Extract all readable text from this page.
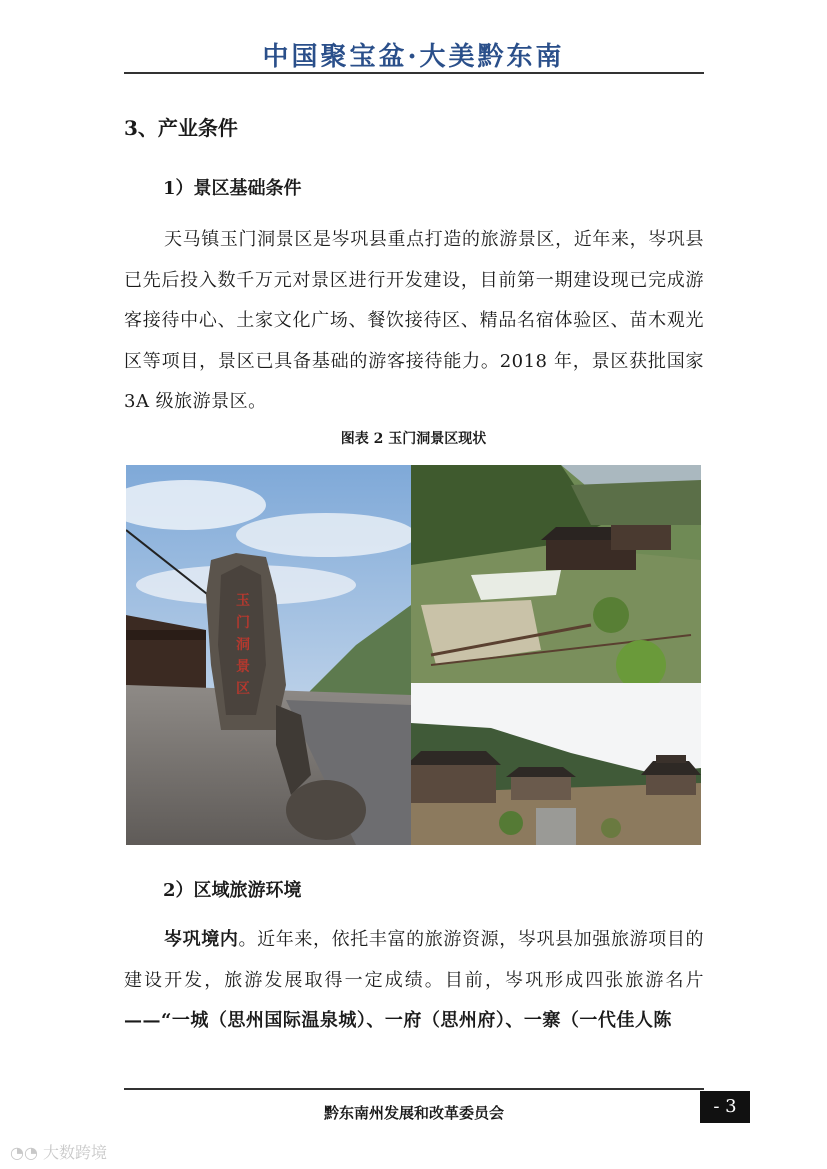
中国聚宝盆·大美黔东南
3、产业条件
1）景区基础条件
天马镇玉门洞景区是岑巩县重点打造的旅游景区，近年来，岑巩县已先后投入数千万元对景区进行开发建设，目前第一期建设现已完成游客接待中心、土家文化广场、餐饮接待区、精品名宿体验区、苗木观光区等项目，景区已具备基础的游客接待能力。2018 年，景区获批国家 3A 级旅游景区。
图表 2 玉门洞景区现状
玉
门
洞
景
区
2）区域旅游环境
岑巩境内。近年来，依托丰富的旅游资源，岑巩县加强旅游项目的建设开发，旅游发展取得一定成绩。目前，岑巩形成四张旅游名片——“一城（思州国际温泉城）、一府（思州府）、一寨（一代佳人陈
黔东南州发展和改革委员会	- 3
◔◔ 大数跨境
